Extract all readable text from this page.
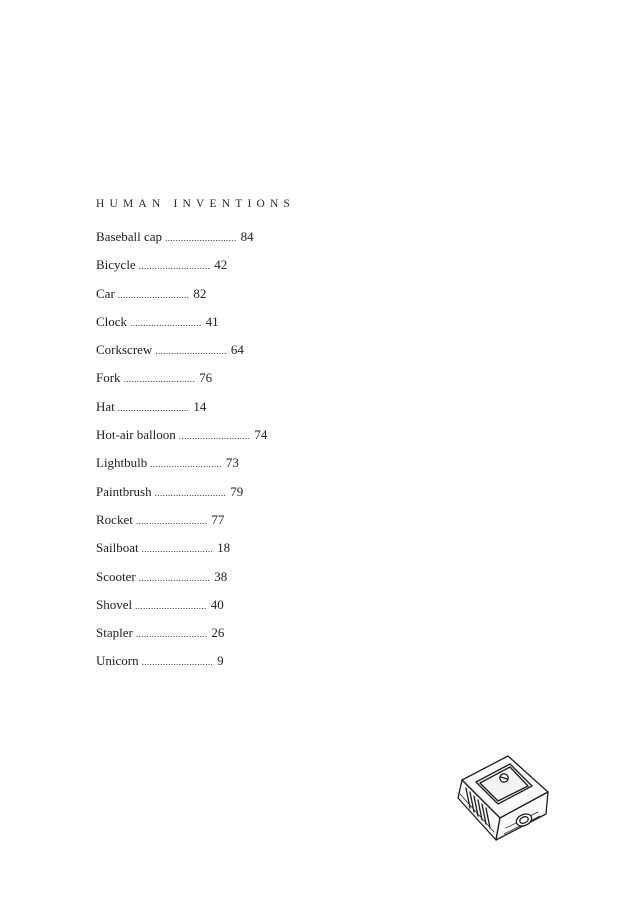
HUMAN INVENTIONS
Baseball cap ........................... 84
Bicycle ........................... 42
Car ........................... 82
Clock ........................... 41
Corkscrew ........................... 64
Fork ........................... 76
Hat ........................... 14
Hot-air balloon ........................... 74
Lightbulb ........................... 73
Paintbrush ........................... 79
Rocket ........................... 77
Sailboat ........................... 18
Scooter ........................... 38
Shovel ........................... 40
Stapler ........................... 26
Unicorn ........................... 9
